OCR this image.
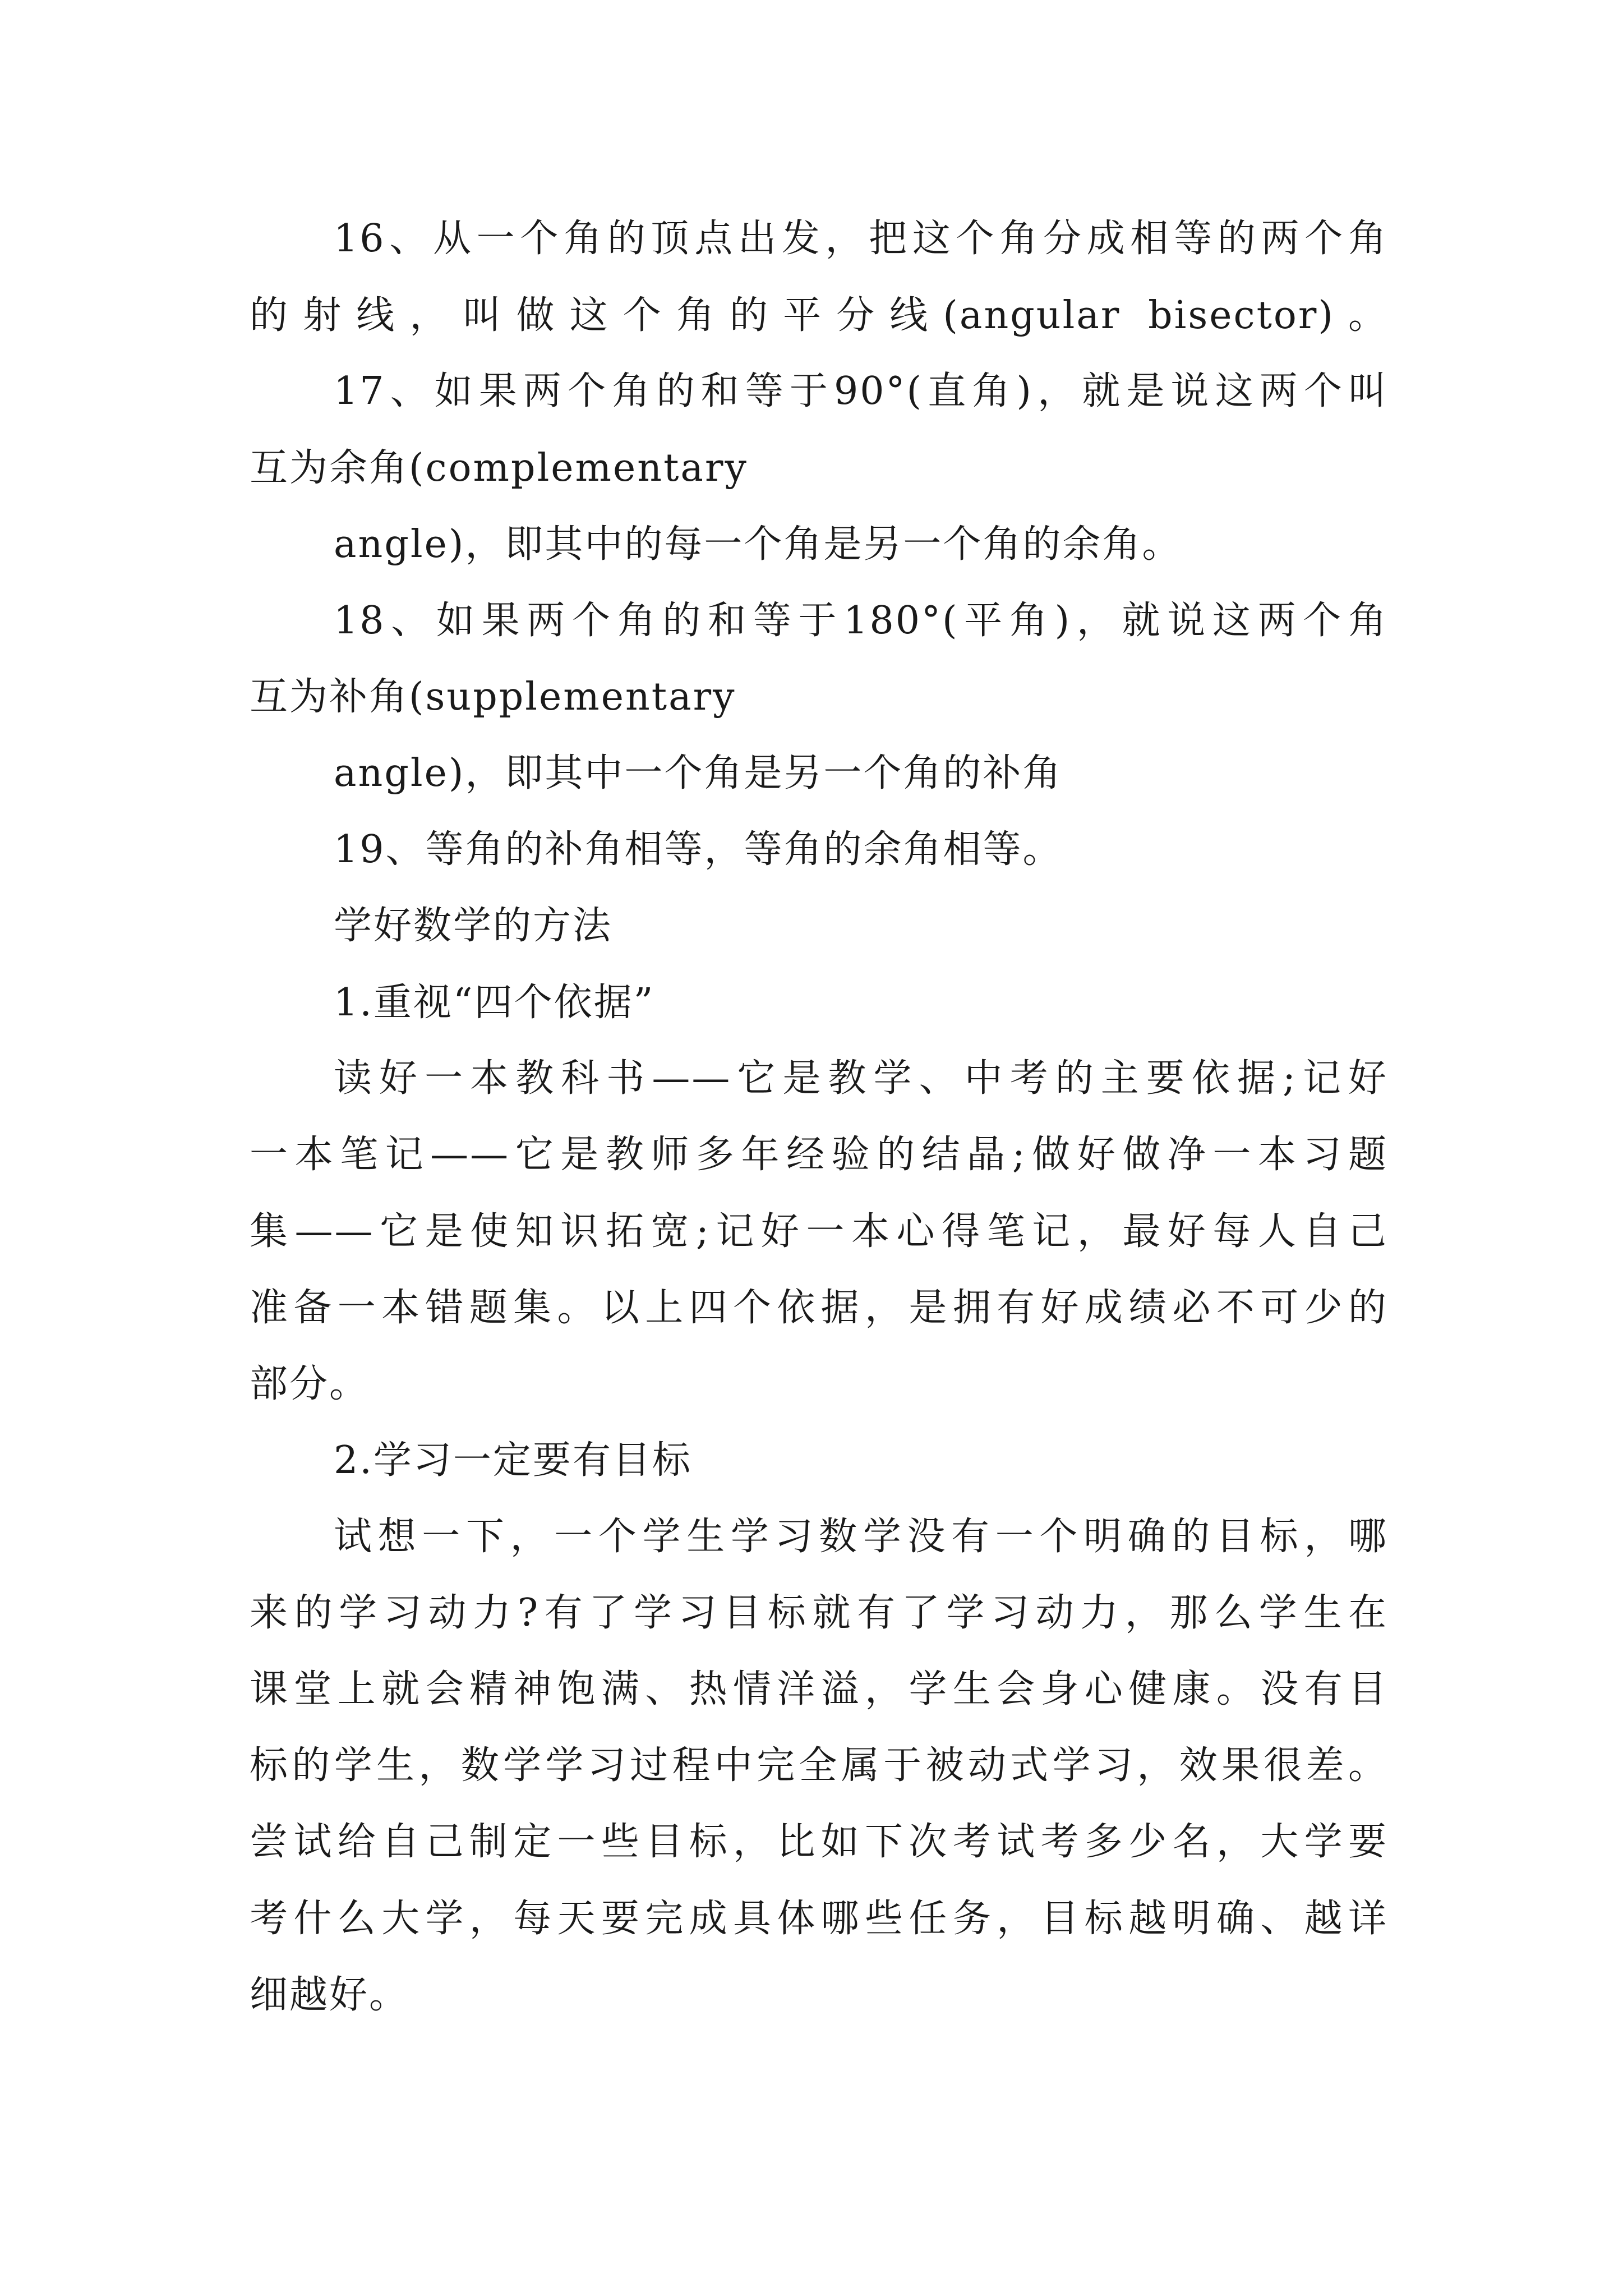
16、从一个角的顶点出发，把这个角分成相等的两个角
的射线，叫做这个角的平分线(angular bisector)。
17、如果两个角的和等于90°(直角)，就是说这两个叫
互为余角(complementary
angle)，即其中的每一个角是另一个角的余角。
18、如果两个角的和等于180°(平角)，就说这两个角
互为补角(supplementary
angle)，即其中一个角是另一个角的补角
19、等角的补角相等，等角的余角相等。
学好数学的方法
1.重视“四个依据”
读好一本教科书——它是教学、中考的主要依据;记好
一本笔记——它是教师多年经验的结晶;做好做净一本习题
集——它是使知识拓宽;记好一本心得笔记，最好每人自己
准备一本错题集。以上四个依据，是拥有好成绩必不可少的
部分。
2.学习一定要有目标
试想一下，一个学生学习数学没有一个明确的目标，哪
来的学习动力?有了学习目标就有了学习动力，那么学生在
课堂上就会精神饱满、热情洋溢，学生会身心健康。没有目
标的学生，数学学习过程中完全属于被动式学习，效果很差。
尝试给自己制定一些目标，比如下次考试考多少名，大学要
考什么大学，每天要完成具体哪些任务，目标越明确、越详
细越好。
